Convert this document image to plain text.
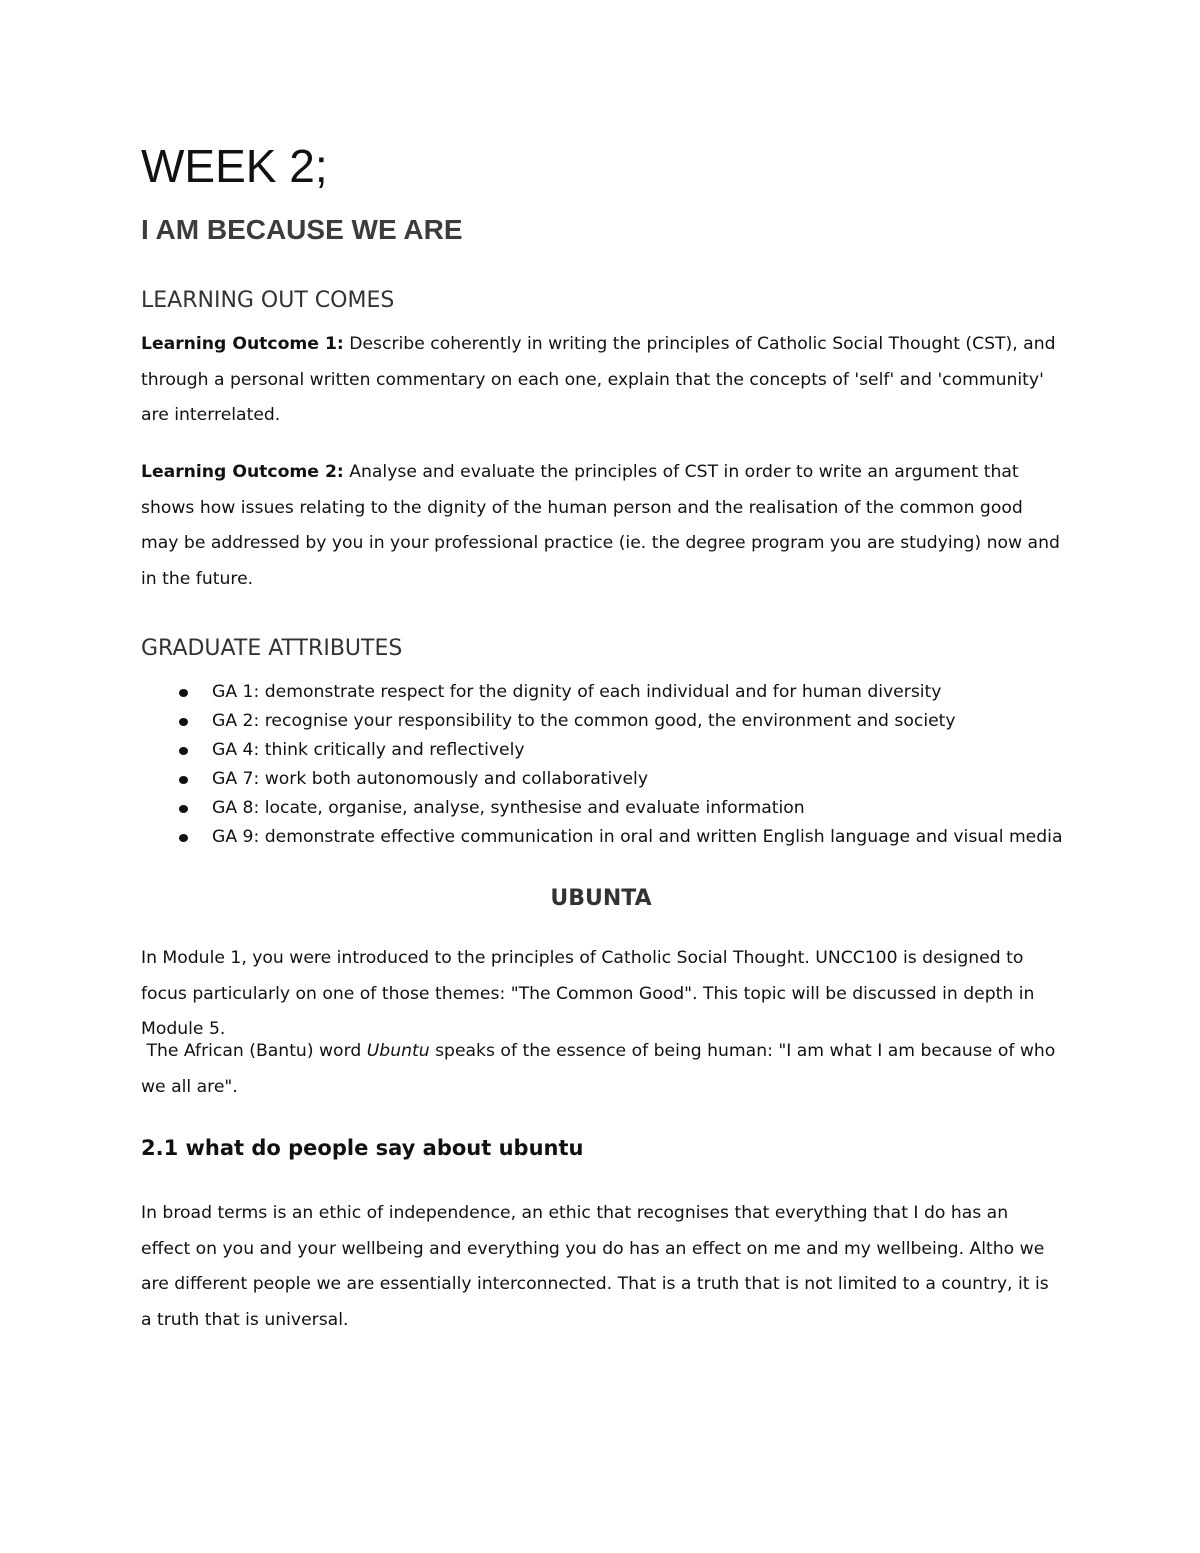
WEEK 2;
I AM BECAUSE WE ARE
LEARNING OUT COMES

Learning Outcome 1: Describe coherently in writing the principles of Catholic Social Thought (CST), and through a personal written commentary on each one, explain that the concepts of 'self' and 'community' are interrelated.

Learning Outcome 2: Analyse and evaluate the principles of CST in order to write an argument that shows how issues relating to the dignity of the human person and the realisation of the common good may be addressed by you in your professional practice (ie. the degree program you are studying) now and in the future.

GRADUATE ATTRIBUTES
GA 1: demonstrate respect for the dignity of each individual and for human diversity
GA 2: recognise your responsibility to the common good, the environment and society
GA 4: think critically and reflectively
GA 7: work both autonomously and collaboratively
GA 8: locate, organise, analyse, synthesise and evaluate information
GA 9: demonstrate effective communication in oral and written English language and visual media
UBUNTA

In Module 1, you were introduced to the principles of Catholic Social Thought. UNCC100 is designed to focus particularly on one of those themes: "The Common Good". This topic will be discussed in depth in Module 5.

The African (Bantu) word Ubuntu speaks of the essence of being human: "I am what I am because of who we all are".

2.1 what do people say about ubuntu

In broad terms is an ethic of independence, an ethic that recognises that everything that I do has an effect on you and your wellbeing and everything you do has an effect on me and my wellbeing. Altho we are different people we are essentially interconnected. That is a truth that is not limited to a country, it is a truth that is universal.
